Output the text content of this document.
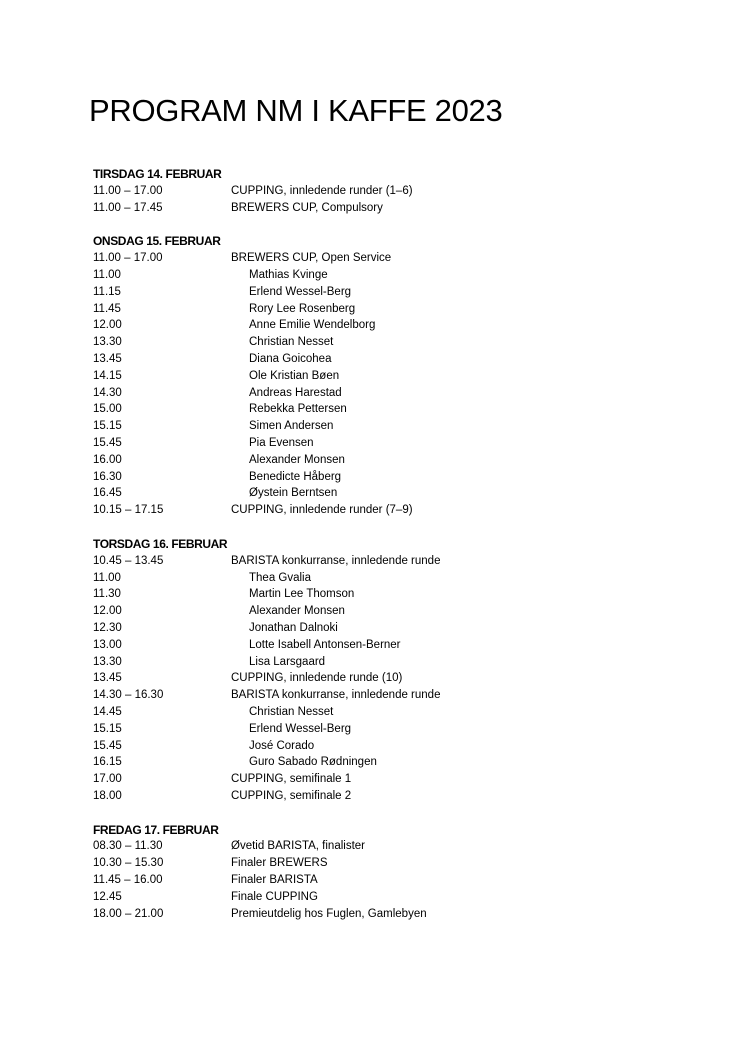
PROGRAM NM I KAFFE 2023
TIRSDAG 14. FEBRUAR
11.00 – 17.00	CUPPING, innledende runder (1–6)
11.00 – 17.45	BREWERS CUP, Compulsory
ONSDAG 15. FEBRUAR
11.00 – 17.00	BREWERS CUP, Open Service
11.00	Mathias Kvinge
11.15	Erlend Wessel-Berg
11.45	Rory Lee Rosenberg
12.00	Anne Emilie Wendelborg
13.30	Christian Nesset
13.45	Diana Goicohea
14.15	Ole Kristian Bøen
14.30	Andreas Harestad
15.00	Rebekka Pettersen
15.15	Simen Andersen
15.45	Pia Evensen
16.00	Alexander Monsen
16.30	Benedicte Håberg
16.45	Øystein Berntsen
10.15 – 17.15	CUPPING, innledende runder (7–9)
TORSDAG 16. FEBRUAR
10.45 – 13.45	BARISTA konkurranse, innledende runde
11.00	Thea Gvalia
11.30	Martin Lee Thomson
12.00	Alexander Monsen
12.30	Jonathan Dalnoki
13.00	Lotte Isabell Antonsen-Berner
13.30	Lisa Larsgaard
13.45	CUPPING, innledende runde (10)
14.30 – 16.30	BARISTA konkurranse, innledende runde
14.45	Christian Nesset
15.15	Erlend Wessel-Berg
15.45	José Corado
16.15	Guro Sabado Rødningen
17.00	CUPPING, semifinale 1
18.00	CUPPING, semifinale 2
FREDAG 17. FEBRUAR
08.30 – 11.30	Øvetid BARISTA, finalister
10.30 – 15.30	Finaler BREWERS
11.45 – 16.00	Finaler BARISTA
12.45	Finale CUPPING
18.00 – 21.00	Premieutdelig hos Fuglen, Gamlebyen
